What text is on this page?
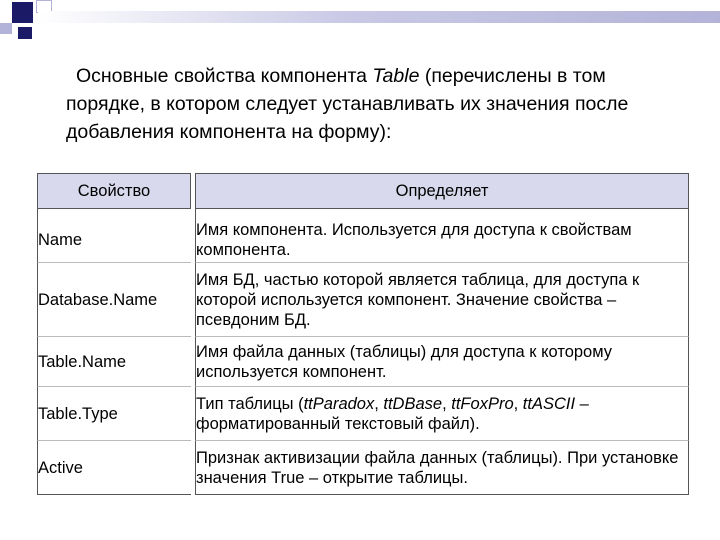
Основные свойства компонента Table (перечислены в том порядке, в котором следует устанавливать их значения после добавления компонента на форму):
Свойство		Определяет

Name		Имя компонента. Используется для доступа к свойствам компонента.
Database.Name		Имя БД, частью которой является таблица, для доступа к которой используется компонент. Значение свойства – псевдоним БД.
Table.Name		Имя файла данных (таблицы) для доступа к которому используется компонент.
Table.Type		Тип таблицы (ttParadox, ttDBase, ttFoxPro, ttASCII – форматированный текстовый файл).
Active		Признак активизации файла данных (таблицы). При установке значения True – открытие таблицы.
